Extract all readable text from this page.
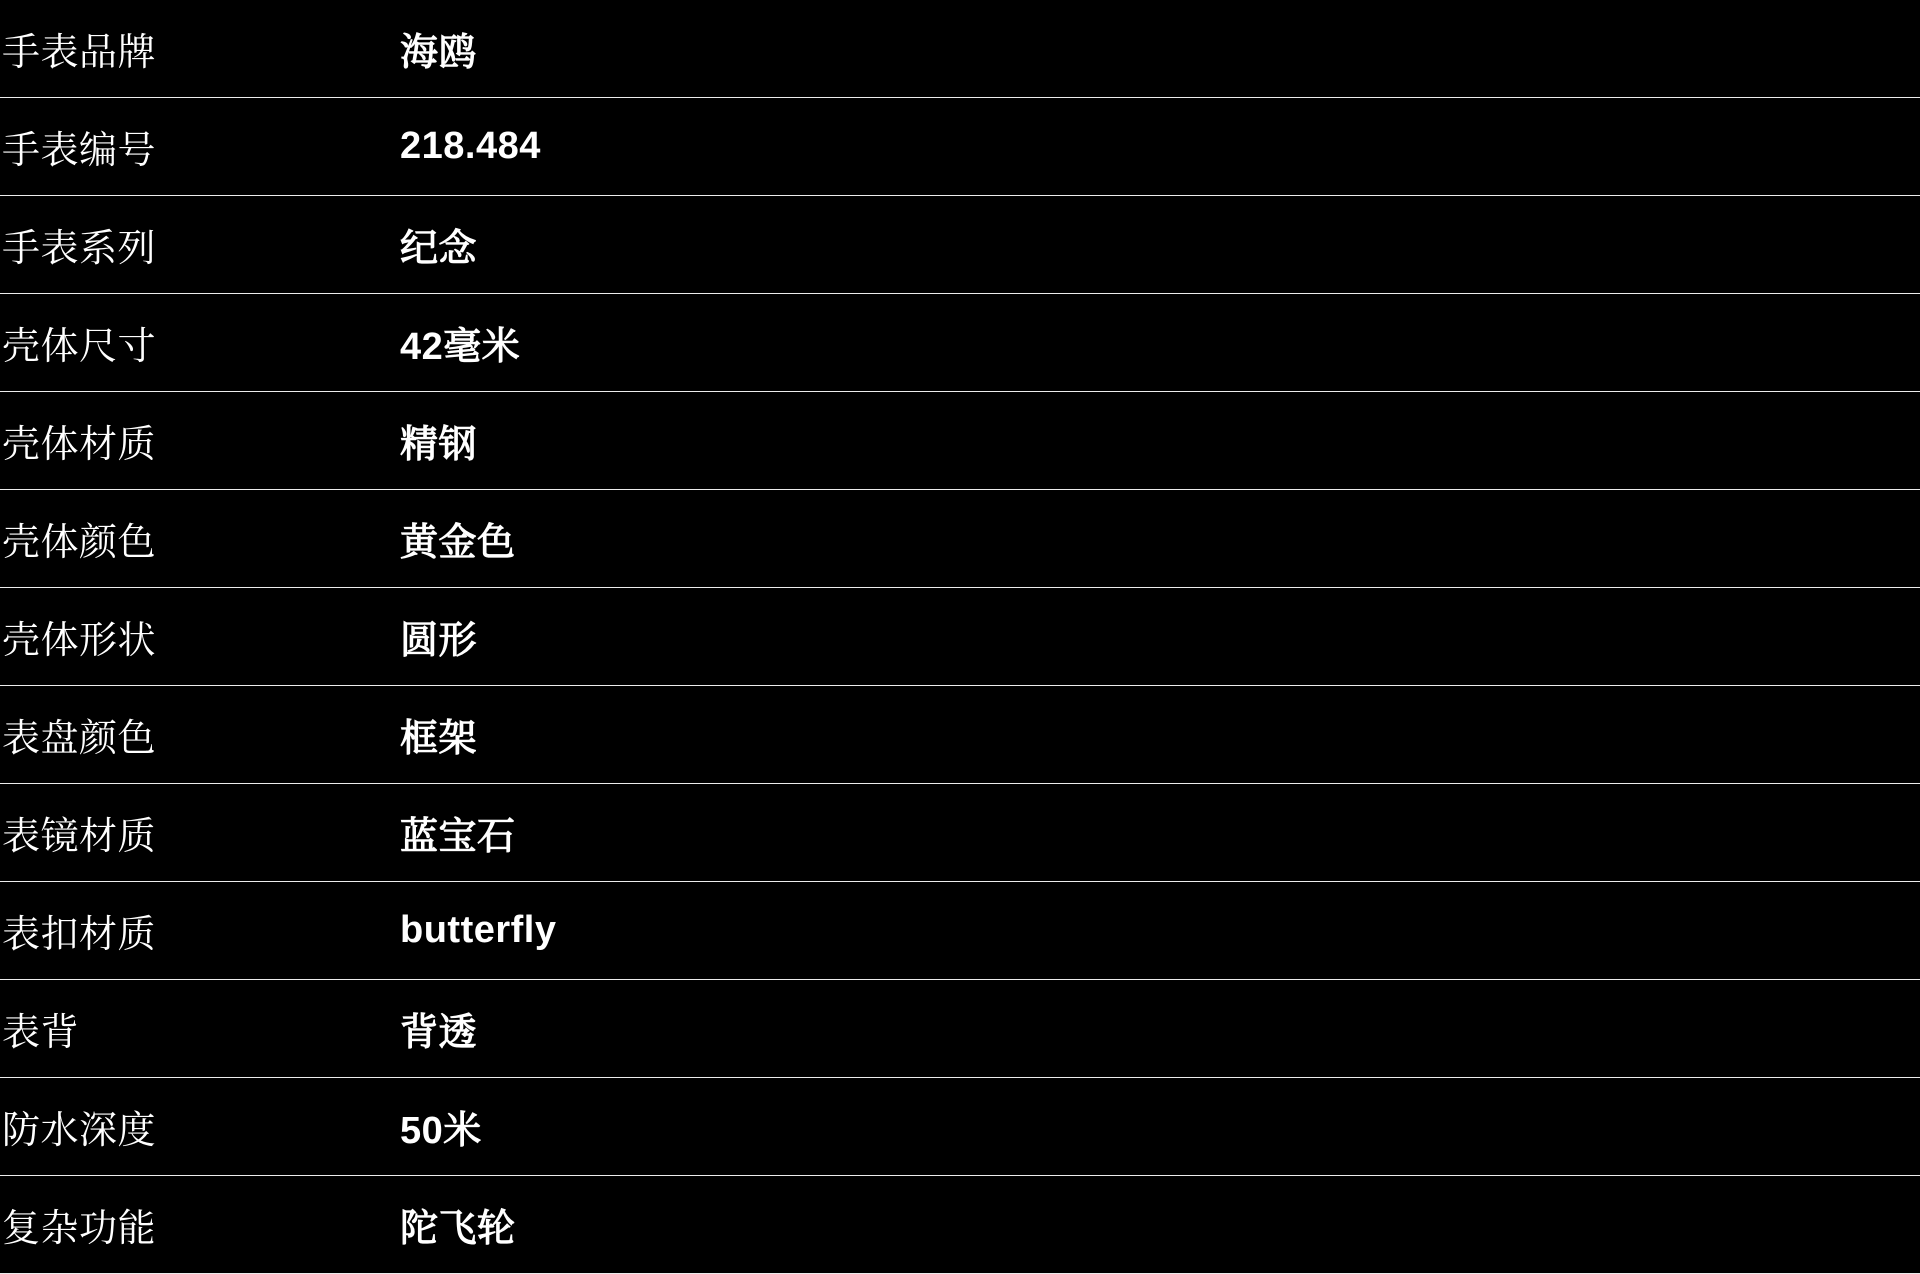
手表品牌	海鸥
手表编号	218.484
手表系列	纪念
壳体尺寸	42毫米
壳体材质	精钢
壳体颜色	黄金色
壳体形状	圆形
表盘颜色	框架
表镜材质	蓝宝石
表扣材质	butterfly
表背	背透
防水深度	50米
复杂功能	陀飞轮
